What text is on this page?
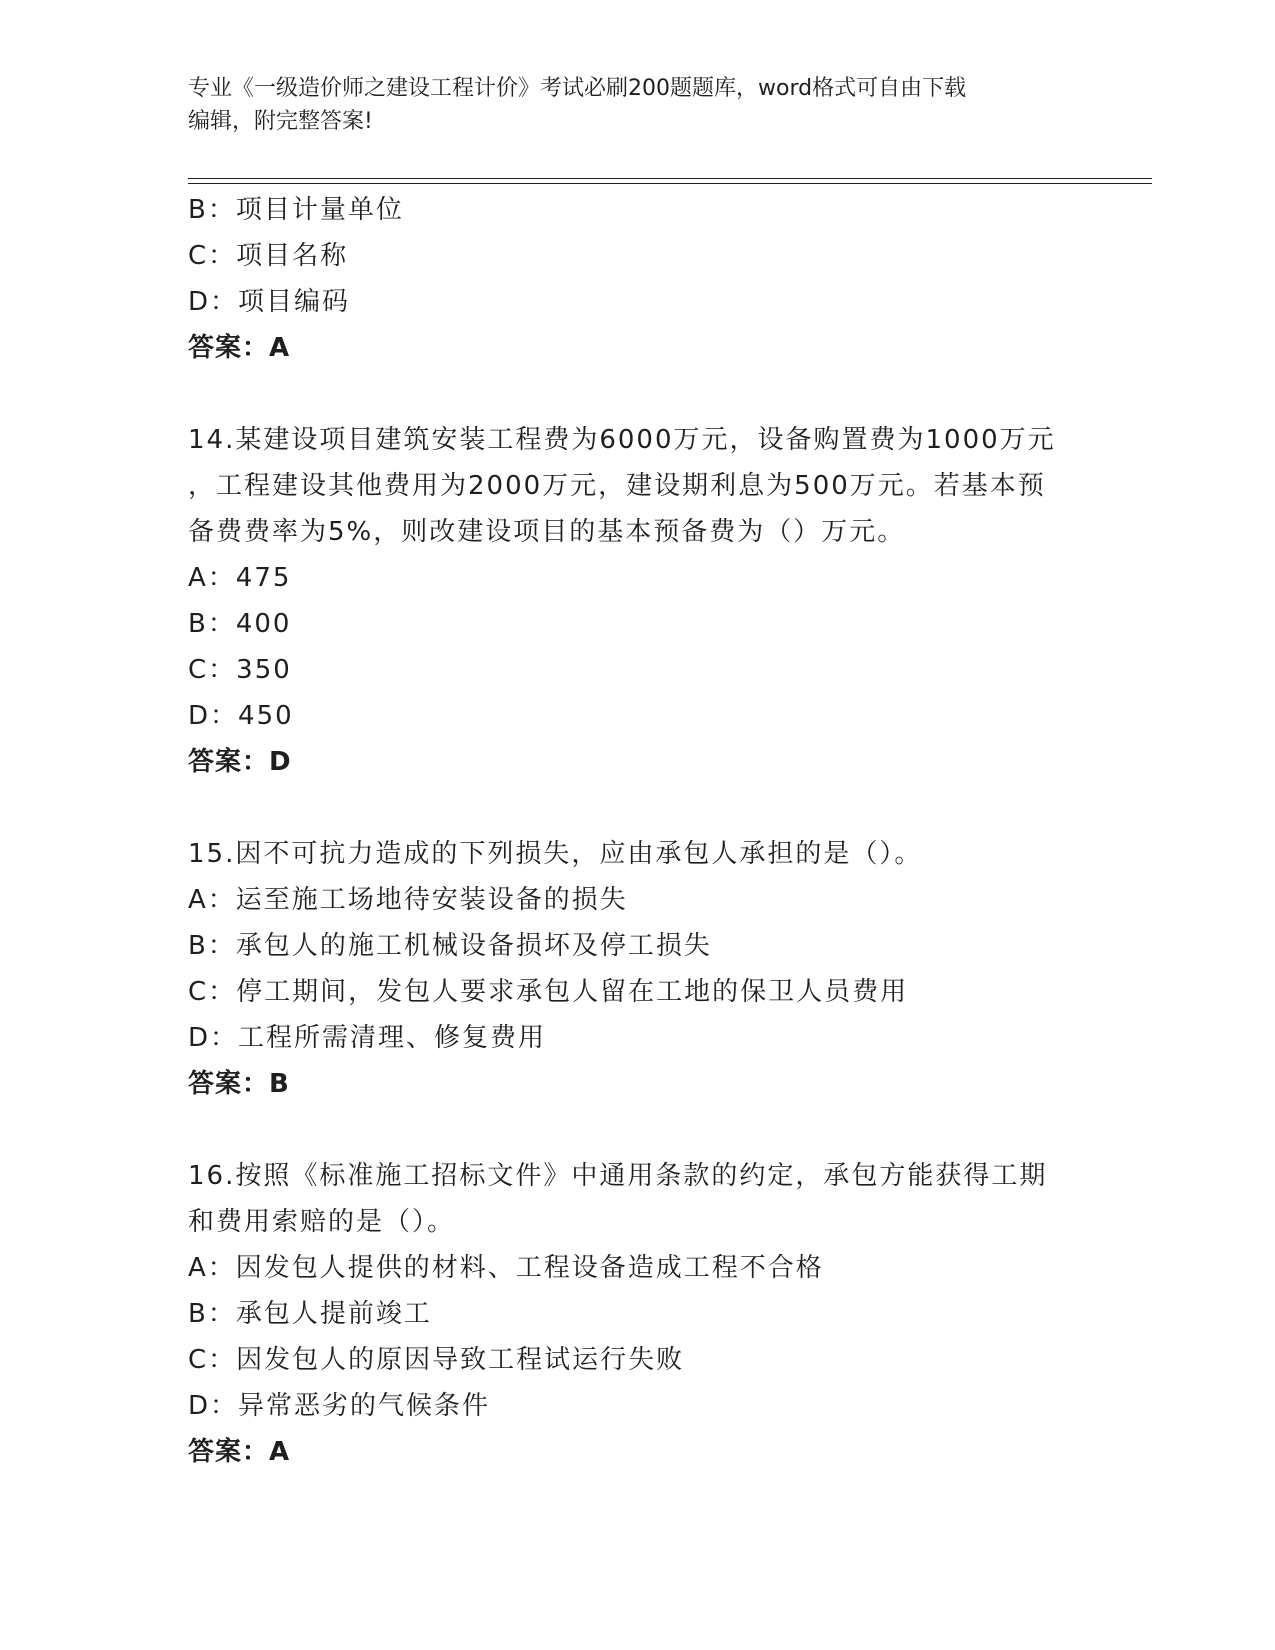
专业《一级造价师之建设工程计价》考试必刷200题题库，word格式可自由下载
编辑，附完整答案!
B：项目计量单位
C：项目名称
D：项目编码
答案：A
14.某建设项目建筑安装工程费为6000万元，设备购置费为1000万元
，工程建设其他费用为2000万元，建设期利息为500万元。若基本预
备费费率为5%，则改建设项目的基本预备费为（）万元。
A：475
B：400
C：350
D：450
答案：D
15.因不可抗力造成的下列损失，应由承包人承担的是（）。
A：运至施工场地待安装设备的损失
B：承包人的施工机械设备损坏及停工损失
C：停工期间，发包人要求承包人留在工地的保卫人员费用
D：工程所需清理、修复费用
答案：B
16.按照《标准施工招标文件》中通用条款的约定，承包方能获得工期
和费用索赔的是（）。
A：因发包人提供的材料、工程设备造成工程不合格
B：承包人提前竣工
C：因发包人的原因导致工程试运行失败
D：异常恶劣的气候条件
答案：A
